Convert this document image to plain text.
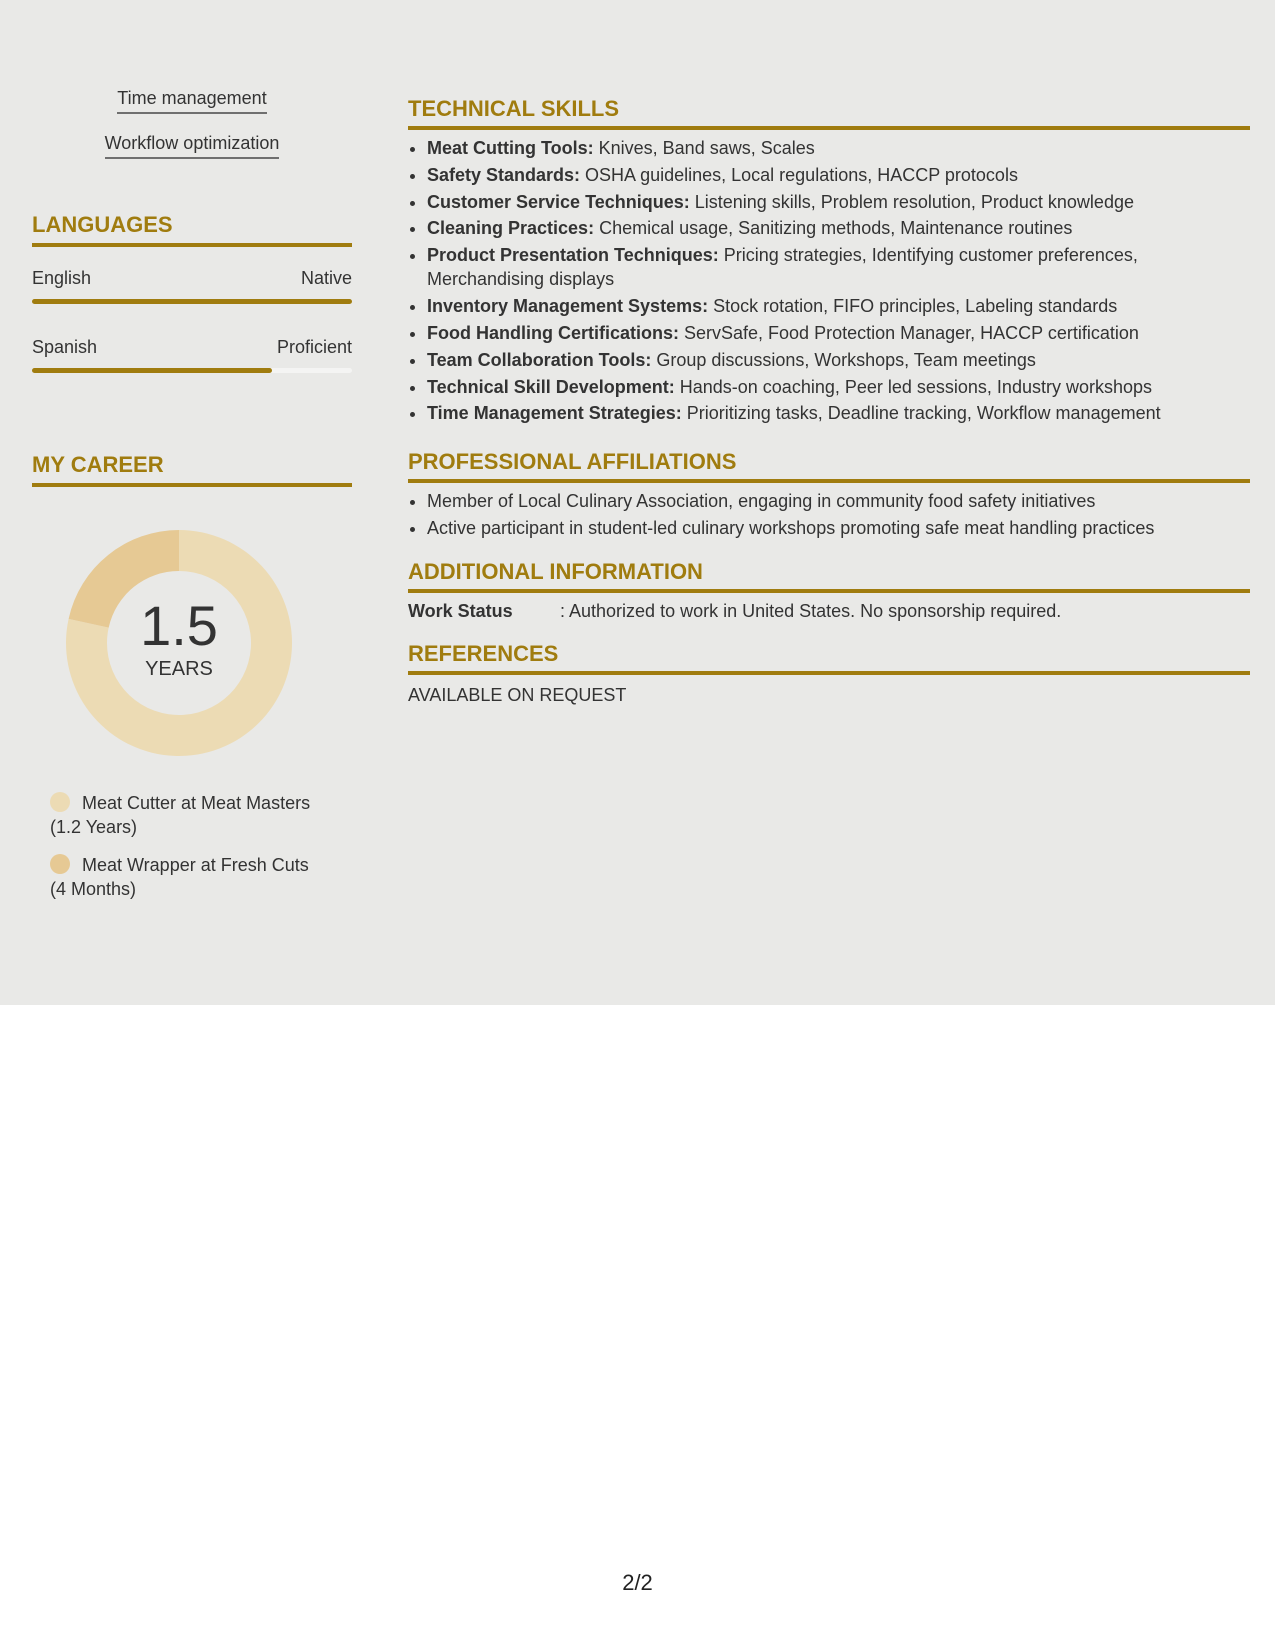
Time management
Workflow optimization
LANGUAGES
English	Native
Spanish	Proficient
MY CAREER
1.5
YEARS
Meat Cutter at Meat Masters
(1.2 Years)
Meat Wrapper at Fresh Cuts
(4 Months)
TECHNICAL SKILLS
• Meat Cutting Tools: Knives, Band saws, Scales
• Safety Standards: OSHA guidelines, Local regulations, HACCP protocols
• Customer Service Techniques: Listening skills, Problem resolution, Product knowledge
• Cleaning Practices: Chemical usage, Sanitizing methods, Maintenance routines
• Product Presentation Techniques: Pricing strategies, Identifying customer preferences, Merchandising displays
• Inventory Management Systems: Stock rotation, FIFO principles, Labeling standards
• Food Handling Certifications: ServSafe, Food Protection Manager, HACCP certification
• Team Collaboration Tools: Group discussions, Workshops, Team meetings
• Technical Skill Development: Hands-on coaching, Peer led sessions, Industry workshops
• Time Management Strategies: Prioritizing tasks, Deadline tracking, Workflow management
PROFESSIONAL AFFILIATIONS
• Member of Local Culinary Association, engaging in community food safety initiatives
• Active participant in student-led culinary workshops promoting safe meat handling practices
ADDITIONAL INFORMATION
Work Status	: Authorized to work in United States. No sponsorship required.
REFERENCES
AVAILABLE ON REQUEST
2/2
